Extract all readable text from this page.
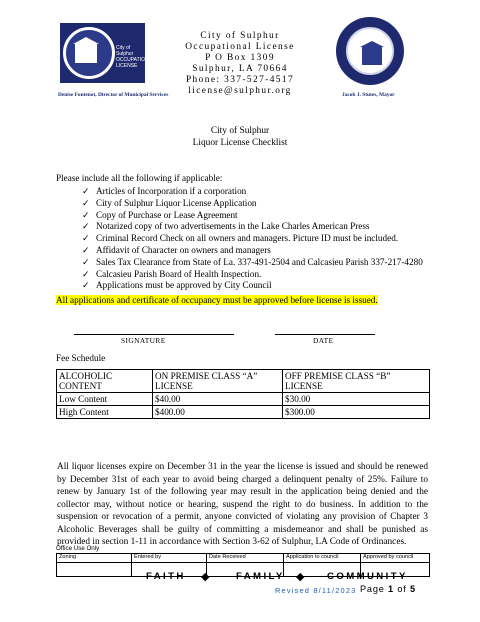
City of Sulphur
OCCUPATIONAL
LICENSE
City of Sulphur
Occupational License
P O Box 1309
Sulphur, LA 70664
Phone: 337-527-4517
license@sulphur.org
Denise Fontenot, Director of Municipal Services	Jacob J. Stutes, Mayor
City of Sulphur
Liquor License Checklist
Please include all the following if applicable:
✓ Articles of Incorporation if a corporation
✓ City of Sulphur Liquor License Application
✓ Copy of Purchase or Lease Agreement
✓ Notarized copy of two advertisements in the Lake Charles American Press
✓ Criminal Record Check on all owners and managers. Picture ID must be included.
✓ Affidavit of Character on owners and managers
✓ Sales Tax Clearance from State of La. 337-491-2504 and Calcasieu Parish 337-217-4280
✓ Calcasieu Parish Board of Health Inspection.
✓ Applications must be approved by City Council
All applications and certificate of occupancy must be approved before license is issued.
SIGNATURE	DATE
Fee Schedule
ALCOHOLIC CONTENT	ON PREMISE CLASS “A” LICENSE	OFF PREMISE CLASS “B” LICENSE
Low Content	$40.00	$30.00
High Content	$400.00	$300.00
All liquor licenses expire on December 31 in the year the license is issued and should be renewed by December 31st of each year to avoid being charged a delinquent penalty of 25%. Failure to renew by January 1st of the following year may result in the application being denied and the collector may, without notice or hearing, suspend the right to do business. In addition to the suspension or revocation of a permit, anyone convicted of violating any provision of Chapter 3 Alcoholic Beverages shall be guilty of committing a misdemeanor and shall be punished as provided in section 1-11 in accordance with Section 3-62 of Sulphur, LA Code of Ordinances.
Office Use Only
Zoning	Entered by	Date Received	Application to council	Approved by council

FAITH ◆	FAMILY ◆ COMMUNITY
Revised 8/11/2023 Page 1 of 5
